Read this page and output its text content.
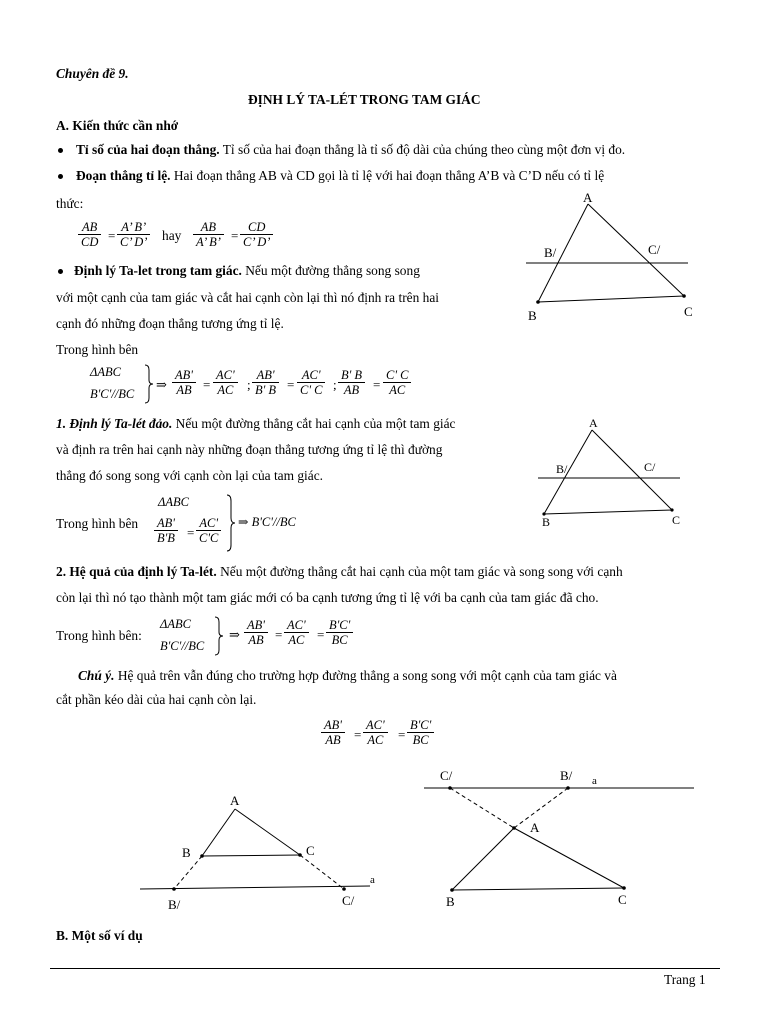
Chuyên đề 9.
ĐỊNH LÝ TA-LÉT TRONG TAM GIÁC
A. Kiến thức cần nhớ
Tỉ số của hai đoạn thẳng. Tỉ số của hai đoạn thẳng là tỉ số độ dài của chúng theo cùng một đơn vị đo.
Đoạn thẳng tỉ lệ. Hai đoạn thẳng AB và CD gọi là tỉ lệ với hai đoạn thẳng A’B và C’D nếu có tỉ lệ
thức:
$\frac{AB}{CD} = \frac{A’ B’}{C’ D’}$ hay $\frac{AB}{A’ B’} = \frac{CD}{C’ D’}$
Định lý Ta-let trong tam giác. Nếu một đường thẳng song song
với một cạnh của tam giác và cắt hai cạnh còn lại thì nó định ra trên hai
cạnh đó những đoạn thẳng tương ứng tỉ lệ.
Trong hình bên
ΔABC
B'C'//BC
⇒ $\frac{AB'}{AB} = \frac{AC'}{AC}$ ; $\frac{AB'}{B' B} = \frac{AC'}{C' C}$ ; $\frac{B' B}{AB} = \frac{C' C}{AC}$
A
B/	C/
B	C
1. Định lý Ta-lét đảo. Nếu một đường thẳng cắt hai cạnh của một tam giác
và định ra trên hai cạnh này những đoạn thẳng tương ứng tỉ lệ thì đường
thẳng đó song song với cạnh còn lại của tam giác.
ΔABC
Trong hình bên $\frac{AB'}{B'B} = \frac{AC'}{C'C}$ ⇒ B'C'//BC
A
B/	C/
B	C
2. Hệ quả của định lý Ta-lét. Nếu một đường thẳng cắt hai cạnh của một tam giác và song song với cạnh
còn lại thì nó tạo thành một tam giác mới có ba cạnh tương ứng tỉ lệ với ba cạnh của tam giác đã cho.
Trong hình bên:
ΔABC
B'C'//BC
⇒ $\frac{AB'}{AB} = \frac{AC'}{AC} = \frac{B'C'}{BC}$
Chú ý. Hệ quả trên vẫn đúng cho trường hợp đường thẳng a song song với một cạnh của tam giác và
cắt phần kéo dài của hai cạnh còn lại.
$\frac{AB'}{AB} = \frac{AC'}{AC} = \frac{B'C'}{BC}$
A
B	C
B/	C/
a
C/	B/ a
A
B	C
B. Một số ví dụ
Trang 1
